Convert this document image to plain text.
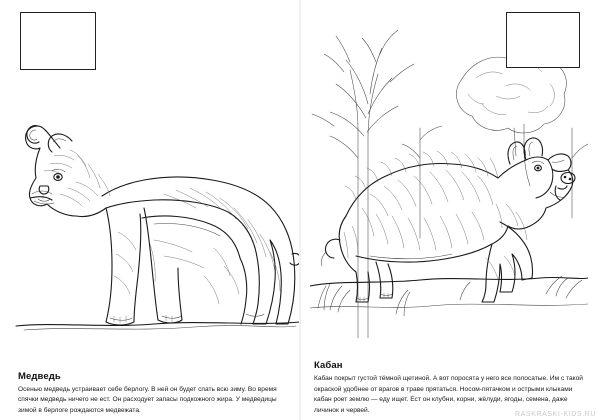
Медведь
Осенью медведь устраивает себе берлогу. В ней он будет спать всю зиму. Во время спячки медведь ничего не ест. Он расходует запасы подкожного жира. У медведицы зимой в берлоге рождаются медвежата.
Кабан
Кабан покрыт густой тёмной щетиной. А вот поросята у него все полосатые. Им с такой окраской удобнее от врагов в траве прятаться. Носом-пятачком и острыми клыками кабан роет землю — еду ищет. Ест он клубни, корни, жёлуди, ягоды, семена, даже личинок и червей.
RASKRASKI-KIDS.RU
